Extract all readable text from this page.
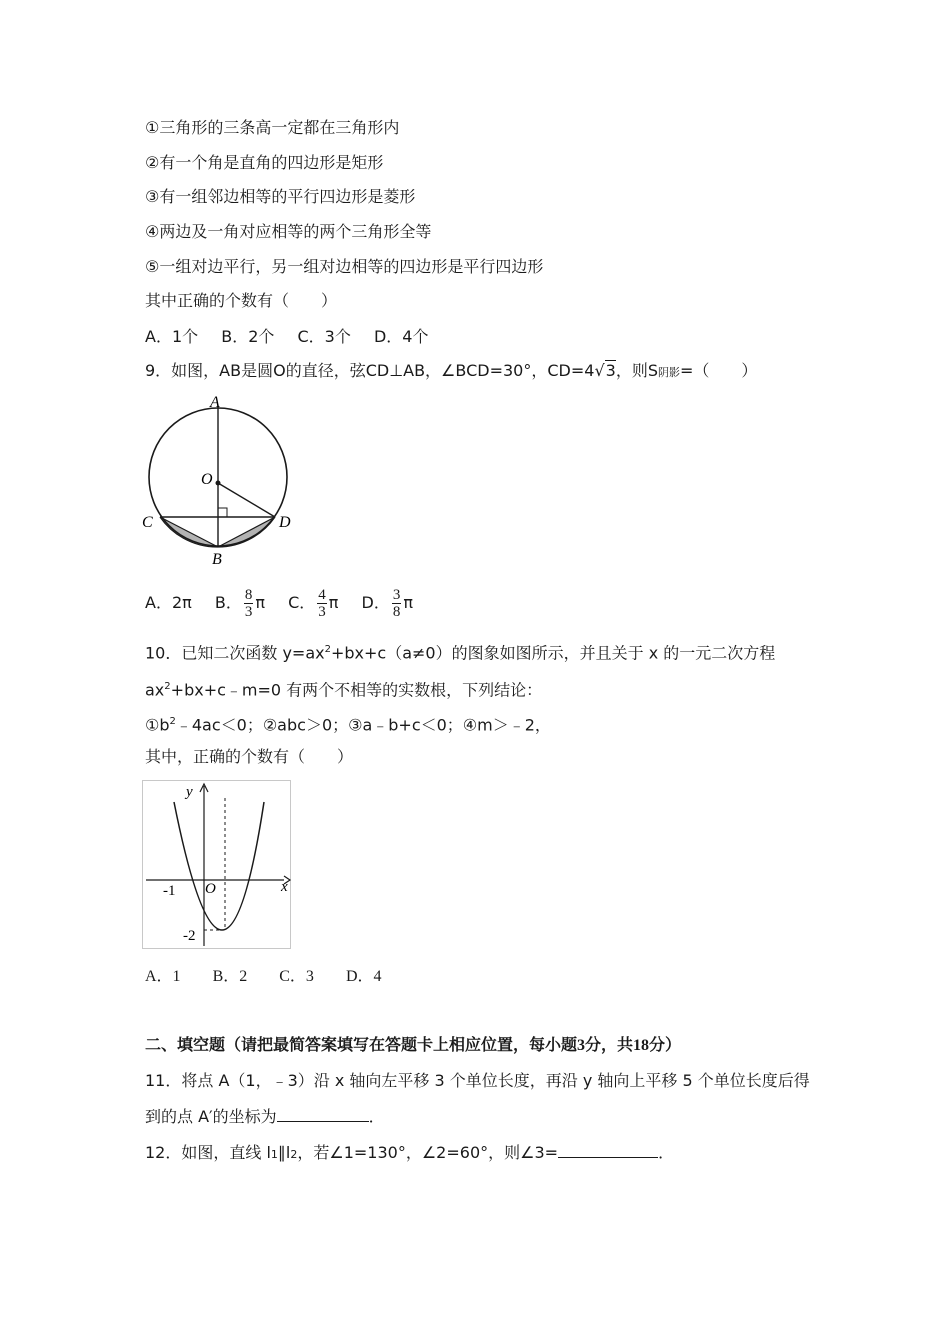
①三角形的三条高一定都在三角形内
②有一个角是直角的四边形是矩形
③有一组邻边相等的平行四边形是菱形
④两边及一角对应相等的两个三角形全等
⑤一组对边平行，另一组对边相等的四边形是平行四边形
其中正确的个数有（　　）
A．1个 B．2个 C．3个 D．4个
9．如图，AB是圆O的直径，弦CD⊥AB，∠BCD=30°，CD=4√3，则S阴影=（　　）
A
O
C	D
B
A．2π B． $\frac{8}{3}$ π C． $\frac{4}{3}$ π D． $\frac{3}{8}$ π
10．已知二次函数 $y=ax^2+bx+c(a\ne 0)$的图象如图所示，并且关于 x 的一元二次方程
$ax^2+bx+c﹣m=0$ 有两个不相等的实数根，下列结论：
$①b^2﹣4ac<0$；②abc＞0；③a﹣b+c＜0；④m＞﹣2，
其中，正确的个数有（　　）
y
x
O
-1
-2
A．1 B．2 C．3 D．4
二、填空题（请把最简答案填写在答题卡上相应位置，每小题3分，共18分）
11．将点 A（1，﹣3）沿 x 轴向左平移 3 个单位长度，再沿 y 轴向上平移 5 个单位长度后得
到的点 A′的坐标为	．
12．如图，直线 l1∥l2，若∠1=130°，∠2=60°，则∠3=	．
